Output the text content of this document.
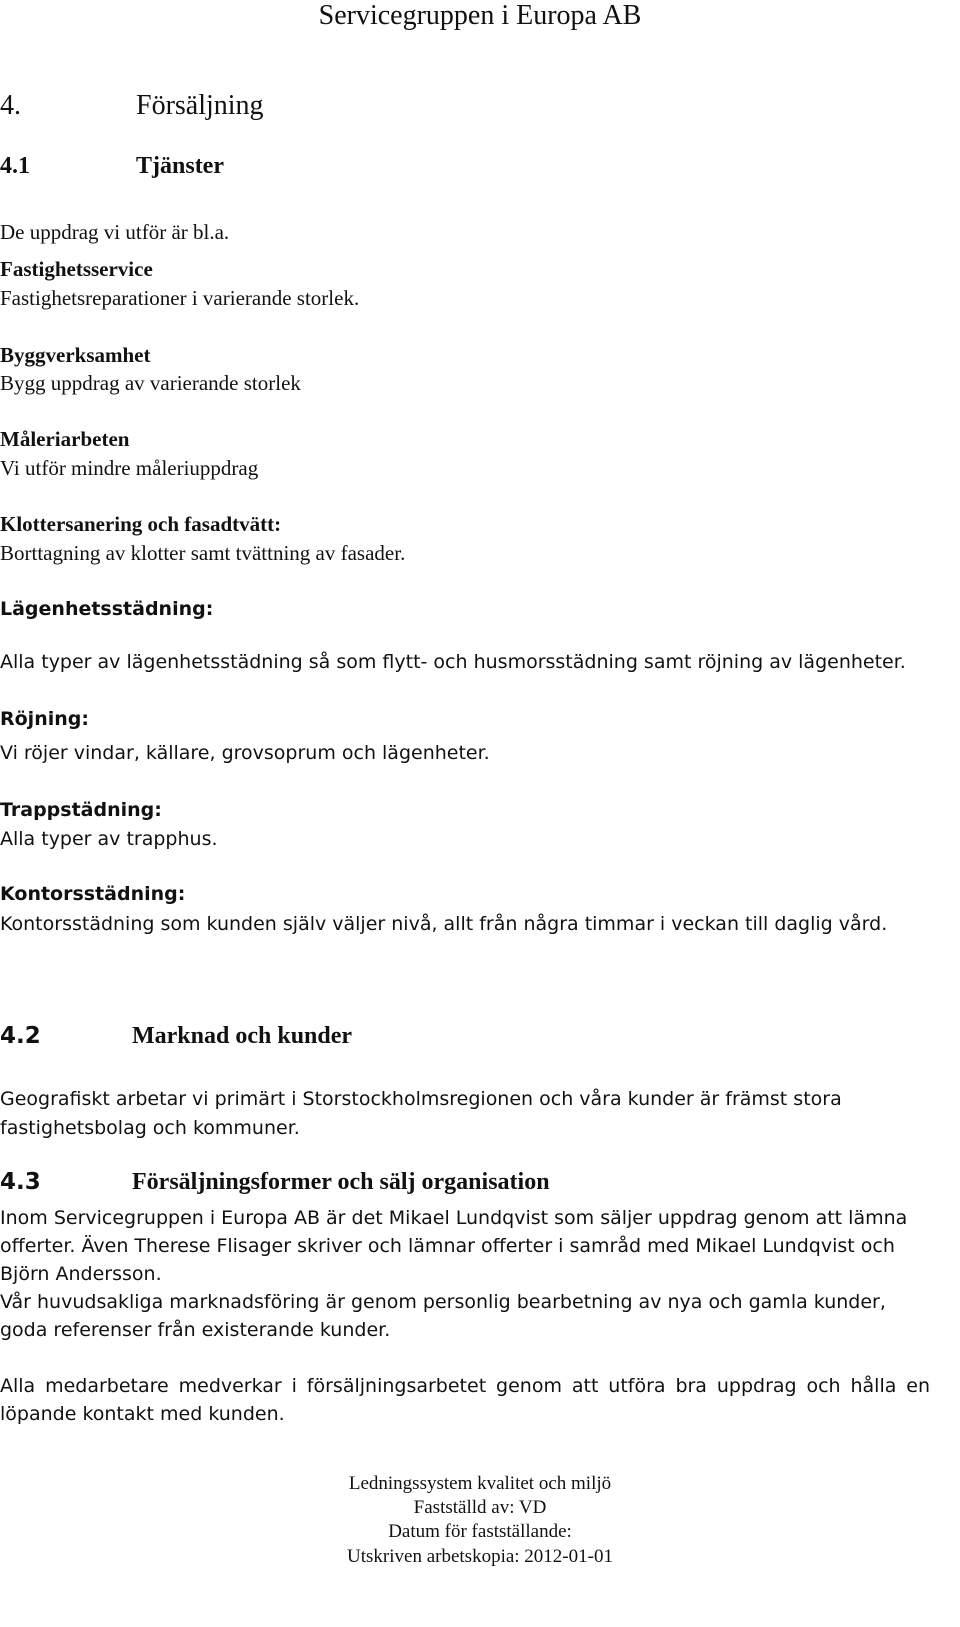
Servicegruppen i Europa AB
4.	Försäljning
4.1	Tjänster
De uppdrag vi utför är bl.a.
Fastighetsservice
Fastighetsreparationer i varierande storlek.
Byggverksamhet
Bygg uppdrag av varierande storlek
Måleriarbeten
Vi utför mindre måleriuppdrag
Klottersanering och fasadtvätt:
Borttagning av klotter samt tvättning av fasader.
Lägenhetsstädning:
Alla typer av lägenhetsstädning så som flytt- och husmorsstädning samt röjning av lägenheter.
Röjning:
Vi röjer vindar, källare, grovsoprum och lägenheter.
Trappstädning:
Alla typer av trapphus.
Kontorsstädning:
Kontorsstädning som kunden själv väljer nivå, allt från några timmar i veckan till daglig vård.
4.2	Marknad och kunder
Geografiskt arbetar vi primärt i Storstockholmsregionen och våra kunder är främst stora fastighetsbolag och kommuner.
4.3	Försäljningsformer och sälj organisation
Inom Servicegruppen i Europa AB är det Mikael Lundqvist som säljer uppdrag genom att lämna offerter. Även Therese Flisager skriver och lämnar offerter i samråd med Mikael Lundqvist och Björn Andersson.
Vår huvudsakliga marknadsföring är genom personlig bearbetning av nya och gamla kunder, goda referenser från existerande kunder.
Alla medarbetare medverkar i försäljningsarbetet genom att utföra bra uppdrag och hålla en löpande kontakt med kunden.
Ledningssystem kvalitet och miljö
Fastställd av: VD
Datum för fastställande:
Utskriven arbetskopia: 2012-01-01
